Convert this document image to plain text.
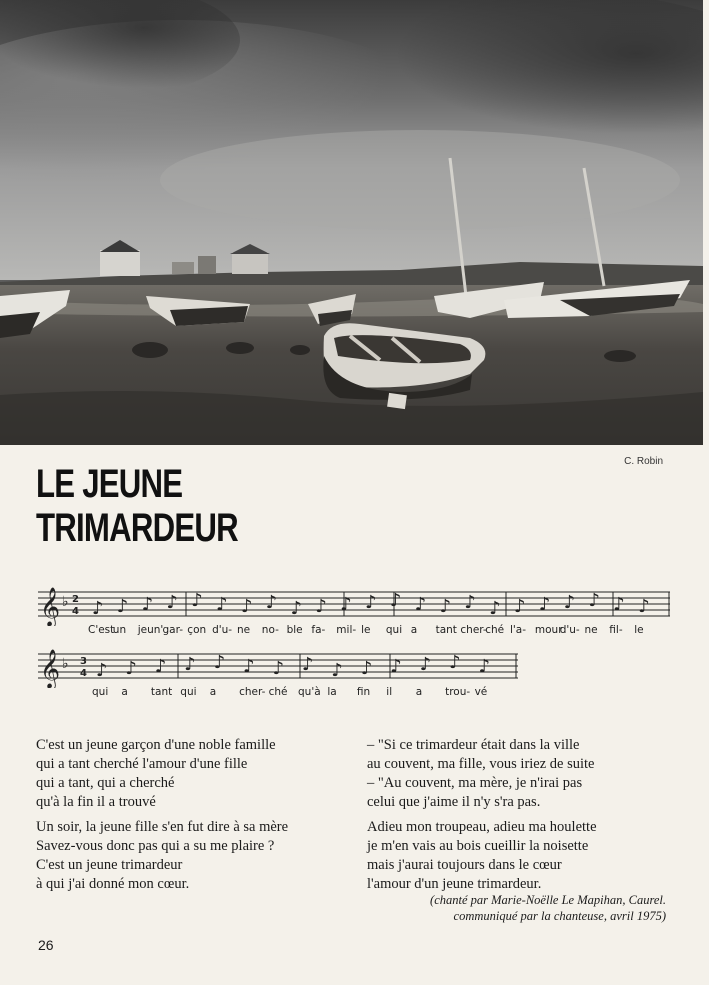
C. Robin
LE JEUNE
TRIMARDEUR
𝄞 ♭ 2
4 ♪ ♪ ♪ ♪ ♪ ♪ ♪ ♪ ♪ ♪ ♪ ♪ ♪ ♪ ♪ ♪ ♪ ♪ ♪ ♪ ♪ ♪ ♪
C'est
un jeun' gar- çon d'u- ne no- ble fa- mil- le qui a tant cher-
ché l'a- mour
d'u- ne fil- le
𝄞 ♭ 3
4 ♪ ♪ ♪ ♪ ♪ ♪ ♪ ♪ ♪ ♪ ♪ ♪ ♪ ♪
qui a tant qui a cher- ché qu'à la fin il a trou- vé
C'est un jeune garçon d'une noble famille
qui a tant cherché l'amour d'une fille
qui a tant, qui a cherché
qu'à la fin il a trouvé
Un soir, la jeune fille s'en fut dire à sa mère
Savez-vous donc pas qui a su me plaire ?
C'est un jeune trimardeur
à qui j'ai donné mon cœur.
– "Si ce trimardeur était dans la ville
au couvent, ma fille, vous iriez de suite
– "Au couvent, ma mère, je n'irai pas
celui que j'aime il n'y s'ra pas.
Adieu mon troupeau, adieu ma houlette
je m'en vais au bois cueillir la noisette
mais j'aurai toujours dans le cœur
l'amour d'un jeune trimardeur.
(chanté par Marie-Noëlle Le Mapihan, Caurel.
communiqué par la chanteuse, avril 1975)
26
